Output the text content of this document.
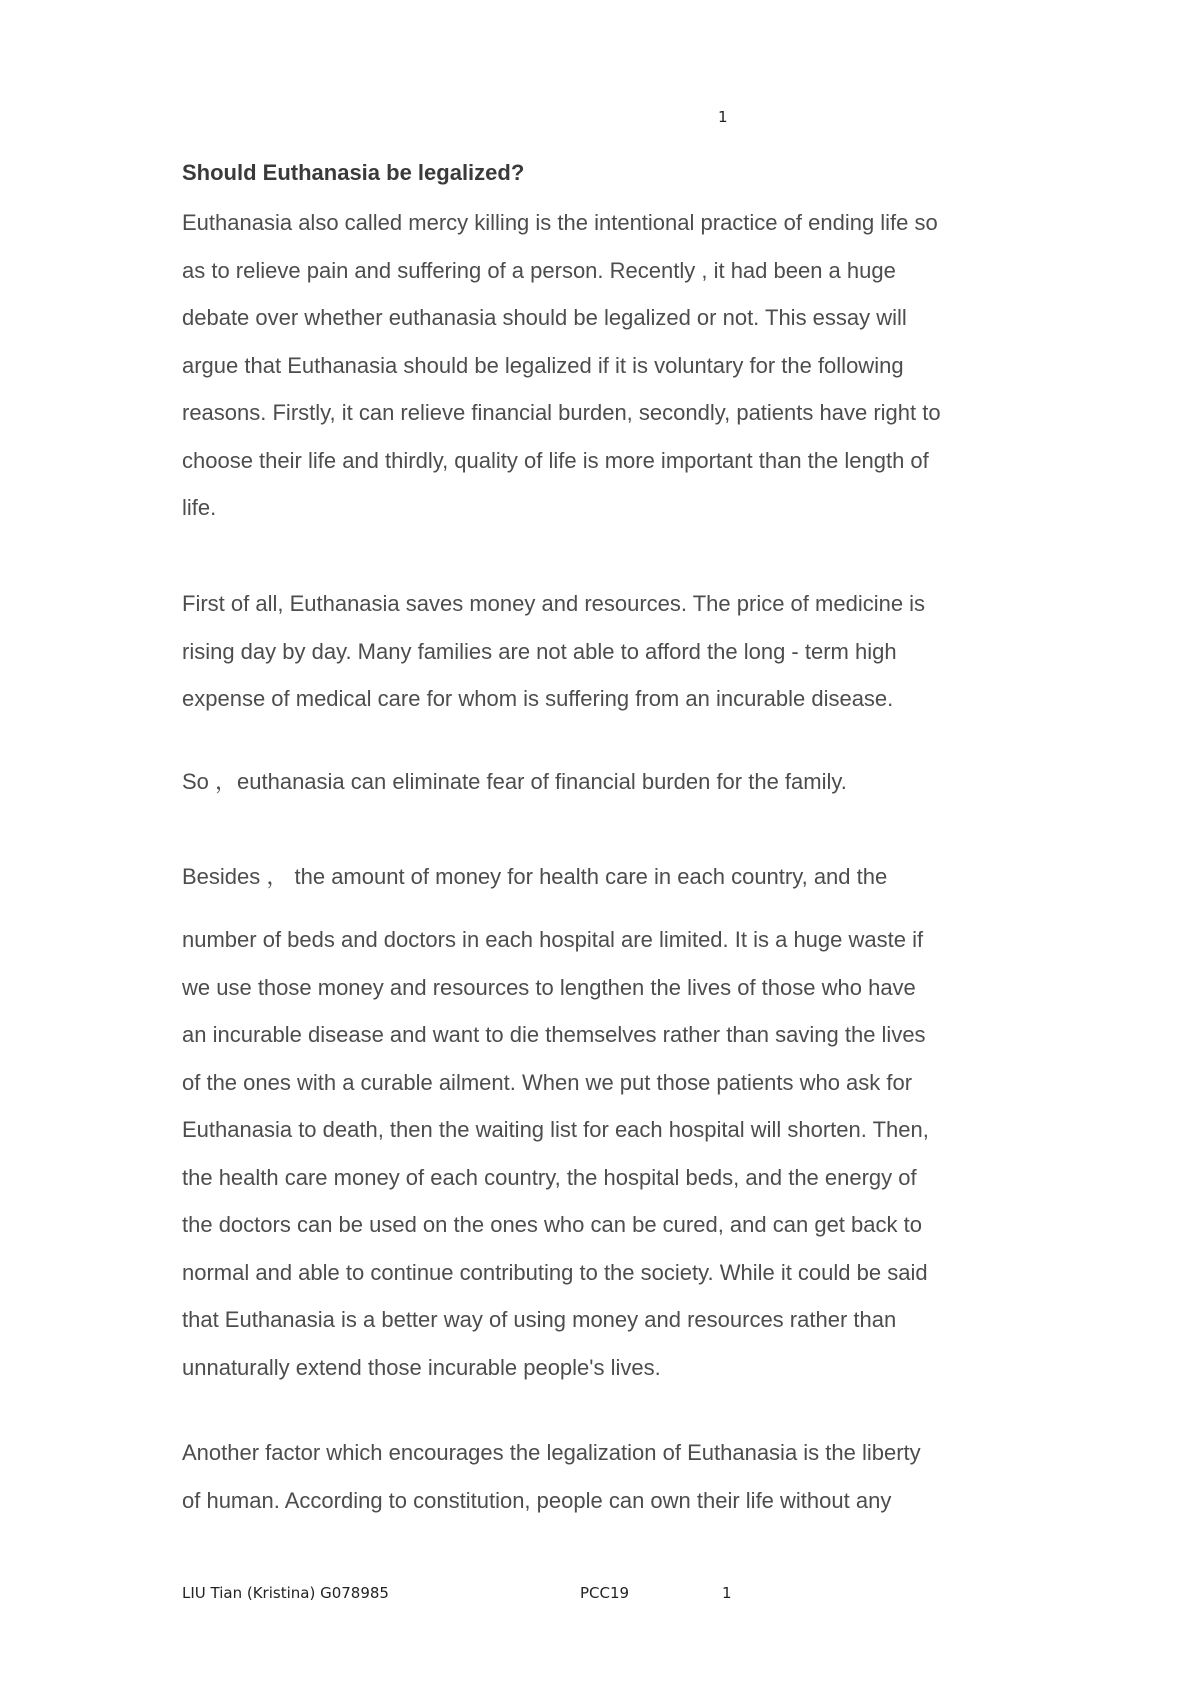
1
Should Euthanasia be legalized?
Euthanasia also called mercy killing is the intentional practice of ending life so
as to relieve pain and suffering of a person. Recently , it had been a huge
debate over whether euthanasia should be legalized or not. This essay will
argue that Euthanasia should be legalized if it is voluntary for the following
reasons. Firstly, it can relieve financial burden, secondly, patients have right to
choose their life and thirdly, quality of life is more important than the length of
life.
First of all, Euthanasia saves money and resources. The price of medicine is
rising day by day. Many families are not able to afford the long - term high
expense of medical care for whom is suffering from an incurable disease.
So ，euthanasia can eliminate fear of financial burden for the family.
Besides ， the amount of money for health care in each country, and the
number of beds and doctors in each hospital are limited. It is a huge waste if
we use those money and resources to lengthen the lives of those who have
an incurable disease and want to die themselves rather than saving the lives
of the ones with a curable ailment. When we put those patients who ask for
Euthanasia to death, then the waiting list for each hospital will shorten. Then,
the health care money of each country, the hospital beds, and the energy of
the doctors can be used on the ones who can be cured, and can get back to
normal and able to continue contributing to the society. While it could be said
that Euthanasia is a better way of using money and resources rather than
unnaturally extend those incurable people's lives.
Another factor which encourages the legalization of Euthanasia is the liberty
of human. According to constitution, people can own their life without any
LIU Tian (Kristina) G078985	PCC19	1
